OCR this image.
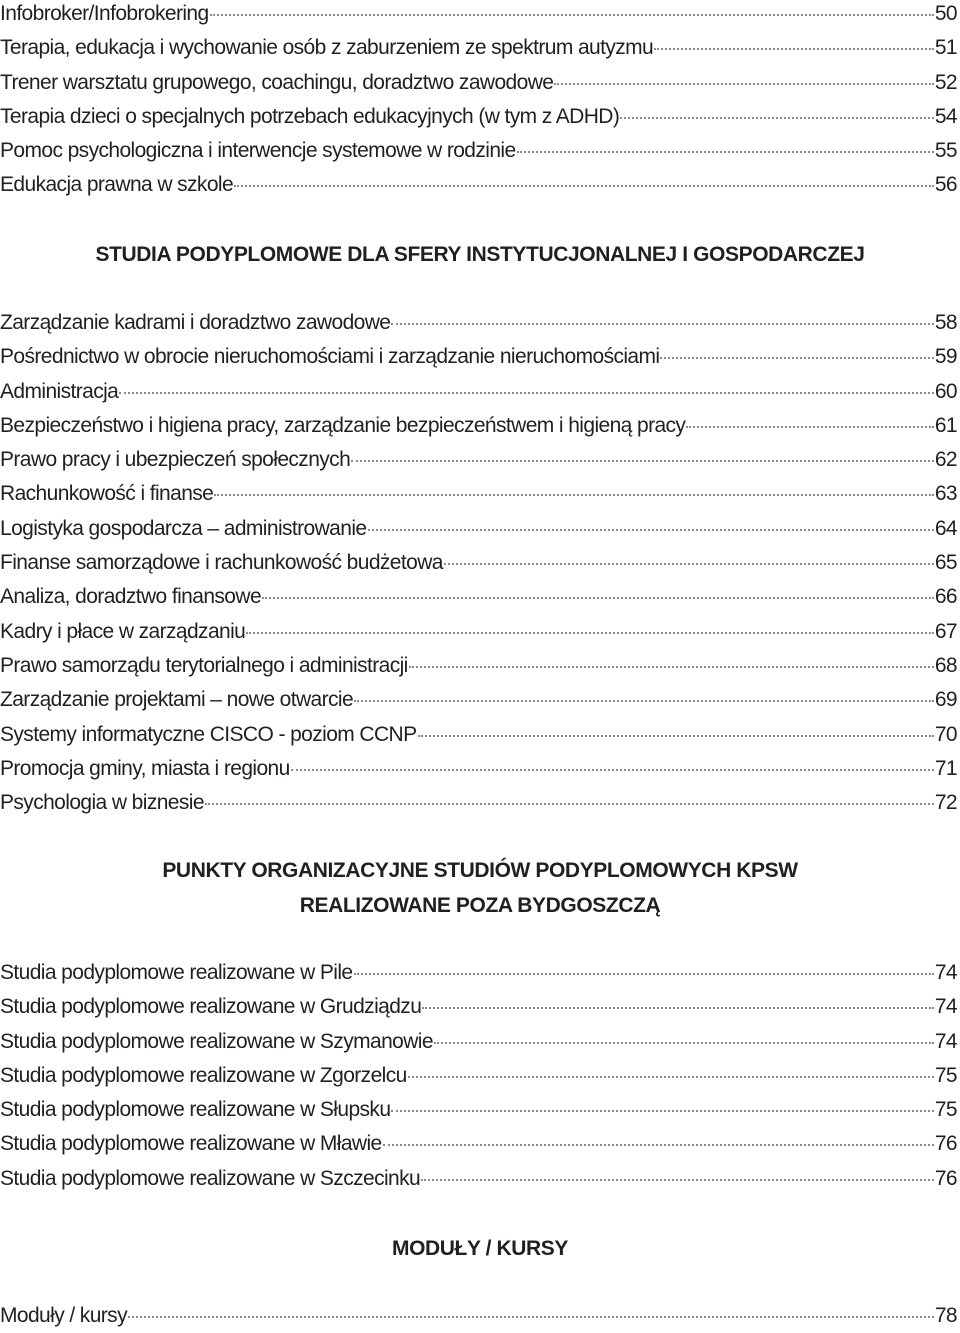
Infobroker/Infobrokering	50
Terapia, edukacja i wychowanie osób z zaburzeniem ze spektrum autyzmu	51
Trener warsztatu grupowego, coachingu, doradztwo zawodowe	52
Terapia dzieci o specjalnych potrzebach edukacyjnych (w tym z ADHD)	54
Pomoc psychologiczna i interwencje systemowe w rodzinie	55
Edukacja prawna w szkole	56
STUDIA PODYPLOMOWE DLA SFERY INSTYTUCJONALNEJ I GOSPODARCZEJ
Zarządzanie kadrami i doradztwo zawodowe	58
Pośrednictwo w obrocie nieruchomościami i zarządzanie nieruchomościami	59
Administracja	60
Bezpieczeństwo i higiena pracy, zarządzanie bezpieczeństwem i higieną pracy	61
Prawo pracy i ubezpieczeń społecznych	62
Rachunkowość i finanse	63
Logistyka gospodarcza – administrowanie	64
Finanse samorządowe i rachunkowość budżetowa	65
Analiza, doradztwo finansowe	66
Kadry i płace w zarządzaniu	67
Prawo samorządu terytorialnego i administracji	68
Zarządzanie projektami – nowe otwarcie	69
Systemy informatyczne CISCO - poziom CCNP	70
Promocja gminy, miasta i regionu	71
Psychologia w biznesie	72
PUNKTY ORGANIZACYJNE STUDIÓW PODYPLOMOWYCH KPSW
REALIZOWANE POZA BYDGOSZCZĄ
Studia podyplomowe realizowane w Pile	74
Studia podyplomowe realizowane w Grudziądzu	74
Studia podyplomowe realizowane w Szymanowie	74
Studia podyplomowe realizowane w Zgorzelcu	75
Studia podyplomowe realizowane w Słupsku	75
Studia podyplomowe realizowane w Mławie	76
Studia podyplomowe realizowane w Szczecinku	76
MODUŁY / KURSY
Moduły / kursy	78
